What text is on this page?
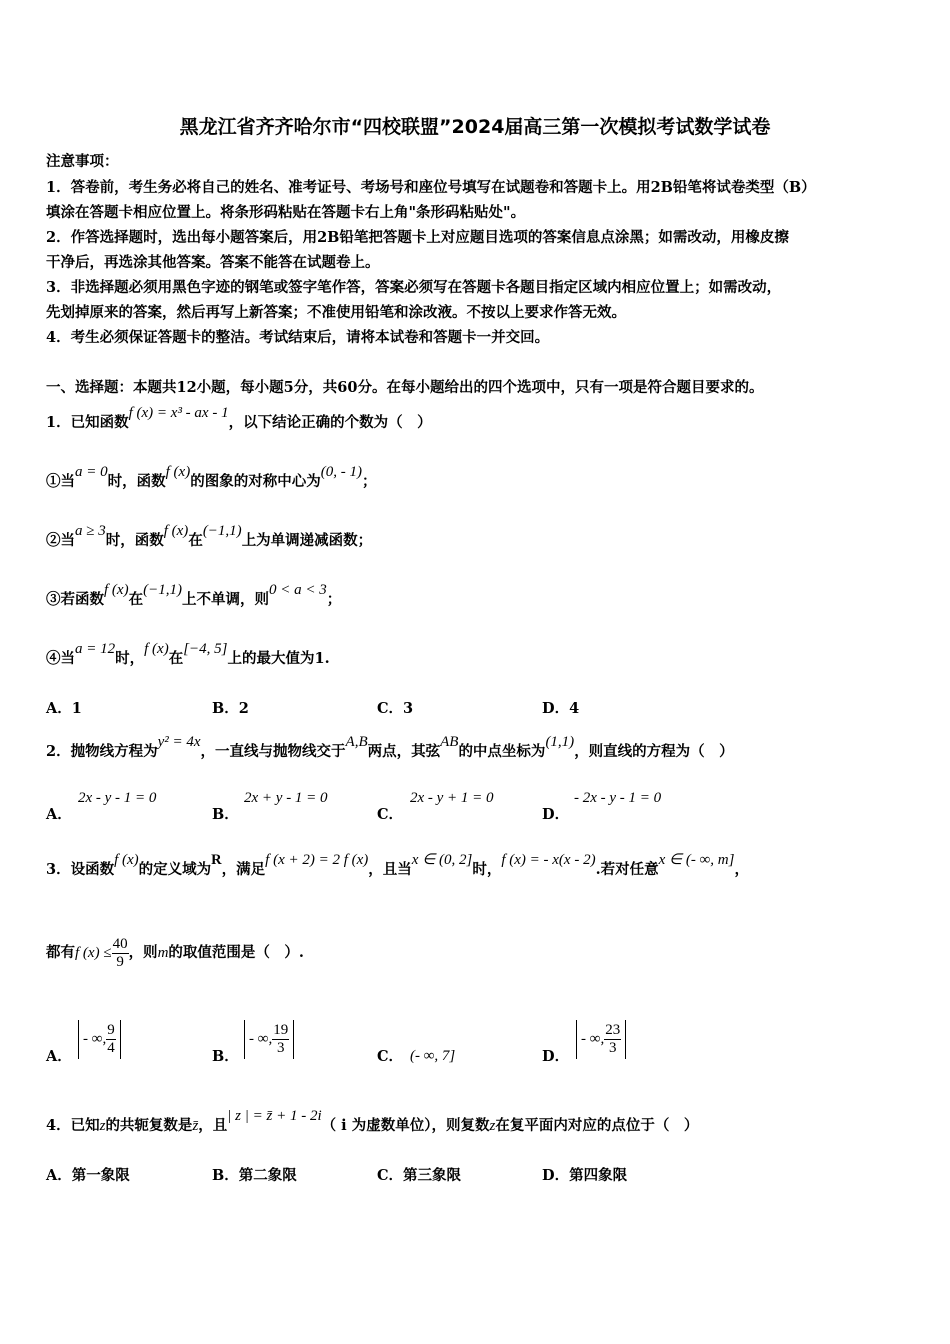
黑龙江省齐齐哈尔市“四校联盟”2024届高三第一次模拟考试数学试卷
注意事项：
1．答卷前，考生务必将自己的姓名、准考证号、考场号和座位号填写在试题卷和答题卡上。用2B铅笔将试卷类型（B）
填涂在答题卡相应位置上。将条形码粘贴在答题卡右上角"条形码粘贴处"。
2．作答选择题时，选出每小题答案后，用2B铅笔把答题卡上对应题目选项的答案信息点涂黑；如需改动，用橡皮擦
干净后，再选涂其他答案。答案不能答在试题卷上。
3．非选择题必须用黑色字迹的钢笔或签字笔作答，答案必须写在答题卡各题目指定区域内相应位置上；如需改动，
先划掉原来的答案，然后再写上新答案；不准使用铅笔和涂改液。不按以上要求作答无效。
4．考生必须保证答题卡的整洁。考试结束后，请将本试卷和答题卡一并交回。
一、选择题：本题共12小题，每小题5分，共60分。在每小题给出的四个选项中，只有一项是符合题目要求的。
1．已知函数f (x) = x³ - ax - 1，以下结论正确的个数为（　）
①当a = 0时，函数f (x)的图象的对称中心为(0, - 1)；
②当a ≥ 3时，函数f (x)在(−1,1)上为单调递减函数；
③若函数f (x)在(−1,1)上不单调，则0 < a < 3；
④当a = 12时，f (x)在[−4, 5]上的最大值为1.
A．1	B．2	C．3	D．4
2．抛物线方程为y² = 4x，一直线与抛物线交于A,B两点，其弦AB的中点坐标为(1,1)，则直线的方程为（　）
A．
2x - y - 1 = 0
B．
2x + y - 1 = 0
C．
2x - y + 1 = 0
D．
- 2x - y - 1 = 0
3．设函数f (x)的定义域为R，满足f (x + 2) = 2 f (x)，且当x ∈ (0, 2]时，f (x) = - x(x - 2).若对任意x ∈ (- ∞, m]，
都有f $(x) \le \frac{40}{9}$ ，则m的取值范围是（　）.
A．
- ∞, $\frac{9}{4}$	B．
- ∞, $\frac{19}{3}$	C． (- ∞, 7]	D．
- ∞, $\frac{23}{3}$
4．已知z的共轭复数是z̄，且| z | = z̄ + 1 - 2i（ i 为虚数单位），则复数z在复平面内对应的点位于（　）
A．第一象限	B．第二象限	C．第三象限	D．第四象限
